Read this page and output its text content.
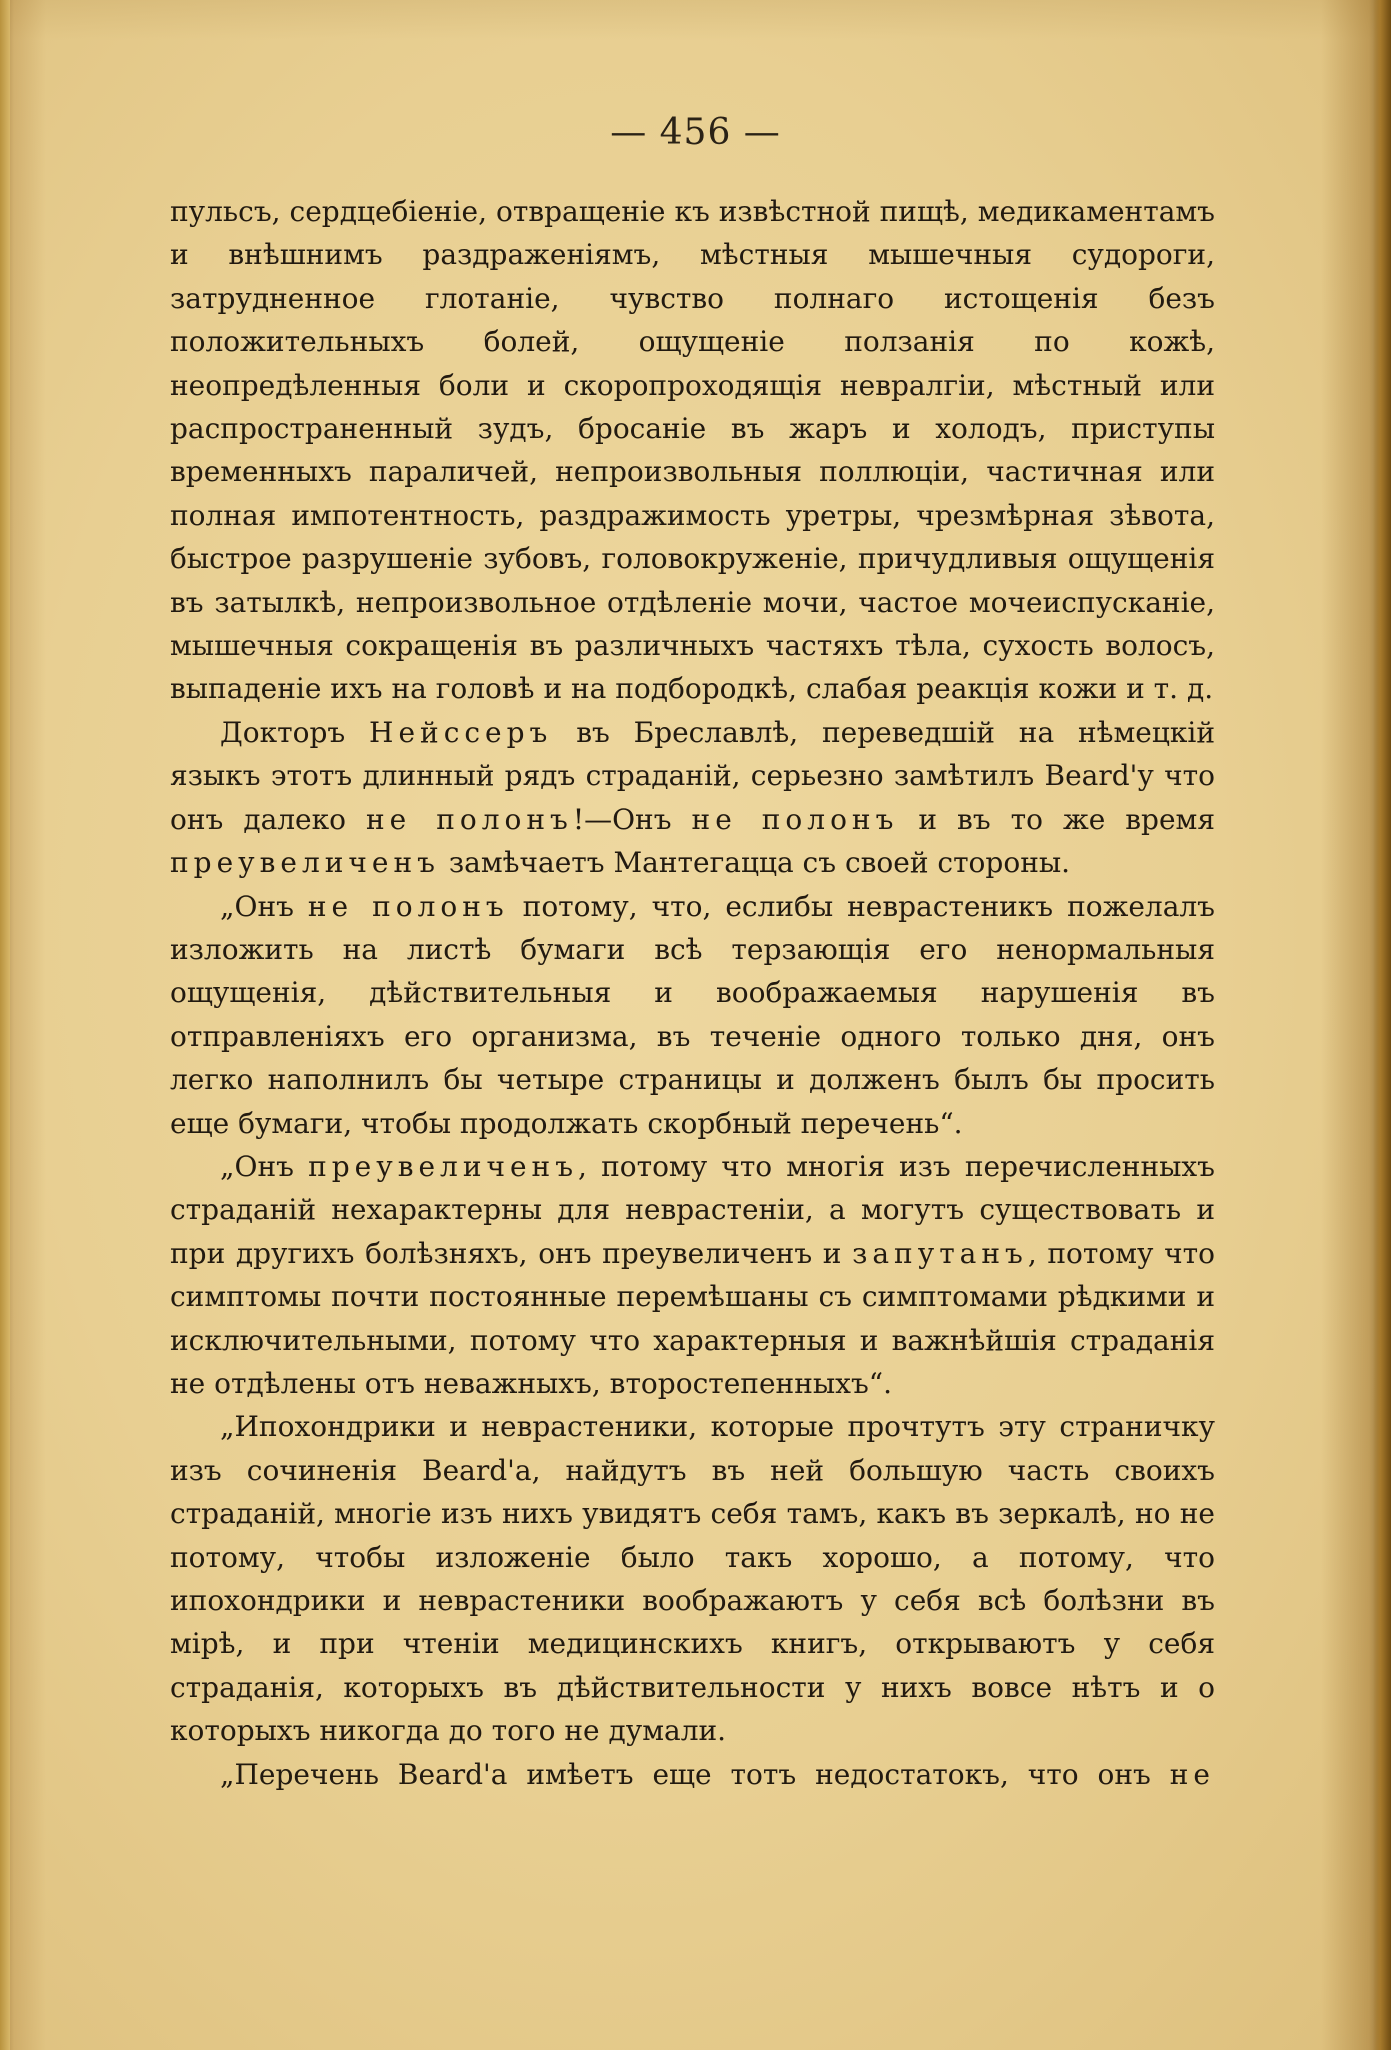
— 456 —

пульсъ, сердцебіеніе, отвращеніе къ извѣстной пищѣ, медикаментамъ и внѣшнимъ раздраженіямъ, мѣстныя мышечныя судороги, затрудненное глотаніе, чувство полнаго истощенія безъ положительныхъ болей, ощущеніе ползанія по кожѣ, неопредѣленныя боли и скоропроходящія невралгіи, мѣстный или распространенный зудъ, бросаніе въ жаръ и холодъ, приступы временныхъ параличей, непроизвольныя поллюціи, частичная или полная импотентность, раздражимость уретры, чрезмѣрная зѣвота, быстрое разрушеніе зубовъ, головокруженіе, причудливыя ощущенія въ затылкѣ, непроизвольное отдѣленіе мочи, частое мочеиспусканіе, мышечныя сокращенія въ различныхъ частяхъ тѣла, сухость волосъ, выпаденіе ихъ на головѣ и на подбородкѣ, слабая реакція кожи и т. д.

Докторъ Нейссеръ въ Бреславлѣ, переведшій на нѣмецкій языкъ этотъ длинный рядъ страданій, серьезно замѣтилъ Beard'у что онъ далеко не полонъ!—Онъ не полонъ и въ то же время преувеличенъ замѣчаетъ Мантегацца съ своей стороны.

„Онъ не полонъ потому, что, еслибы неврастеникъ пожелалъ изложить на листѣ бумаги всѣ терзающія его ненормальныя ощущенія, дѣйствительныя и воображаемыя нарушенія въ отправленіяхъ его организма, въ теченіе одного только дня, онъ легко наполнилъ бы четыре страницы и долженъ былъ бы просить еще бумаги, чтобы продолжать скорбный перечень“.

„Онъ преувеличенъ, потому что многія изъ перечисленныхъ страданій нехарактерны для неврастеніи, а могутъ существовать и при другихъ болѣзняхъ, онъ преувеличенъ и запутанъ, потому что симптомы почти постоянные перемѣшаны съ симптомами рѣдкими и исключительными, потому что характерныя и важнѣйшія страданія не отдѣлены отъ неважныхъ, второстепенныхъ“.

„Ипохондрики и неврастеники, которые прочтутъ эту страничку изъ сочиненія Beard'а, найдутъ въ ней большую часть своихъ страданій, многіе изъ нихъ увидятъ себя тамъ, какъ въ зеркалѣ, но не потому, чтобы изложеніе было такъ хорошо, а потому, что ипохондрики и неврастеники воображаютъ у себя всѣ болѣзни въ мірѣ, и при чтеніи медицинскихъ книгъ, открываютъ у себя страданія, которыхъ въ дѣйствительности у нихъ вовсе нѣтъ и о которыхъ никогда до того не думали.

„Перечень Beard'а имѣетъ еще тотъ недостатокъ, что онъ не
